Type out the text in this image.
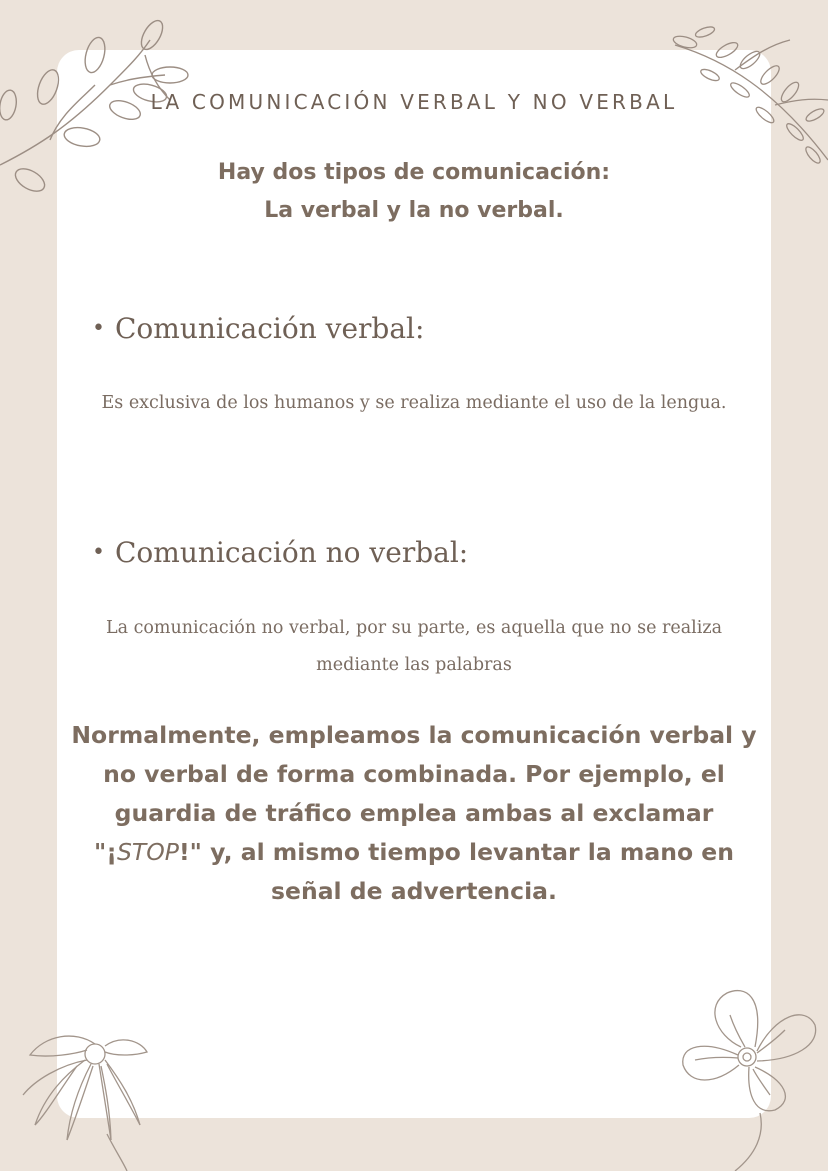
LA COMUNICACIÓN VERBAL Y NO VERBAL
Hay dos tipos de comunicación:
La verbal y la no verbal.
• Comunicación verbal:
Es exclusiva de los humanos y se realiza mediante el uso de la lengua.
• Comunicación no verbal:
La comunicación no verbal, por su parte, es aquella que no se realiza mediante las palabras
Normalmente, empleamos la comunicación verbal y no verbal de forma combinada. Por ejemplo, el guardia de tráfico emplea ambas al exclamar "¡STOP!" y, al mismo tiempo levantar la mano en señal de advertencia.
